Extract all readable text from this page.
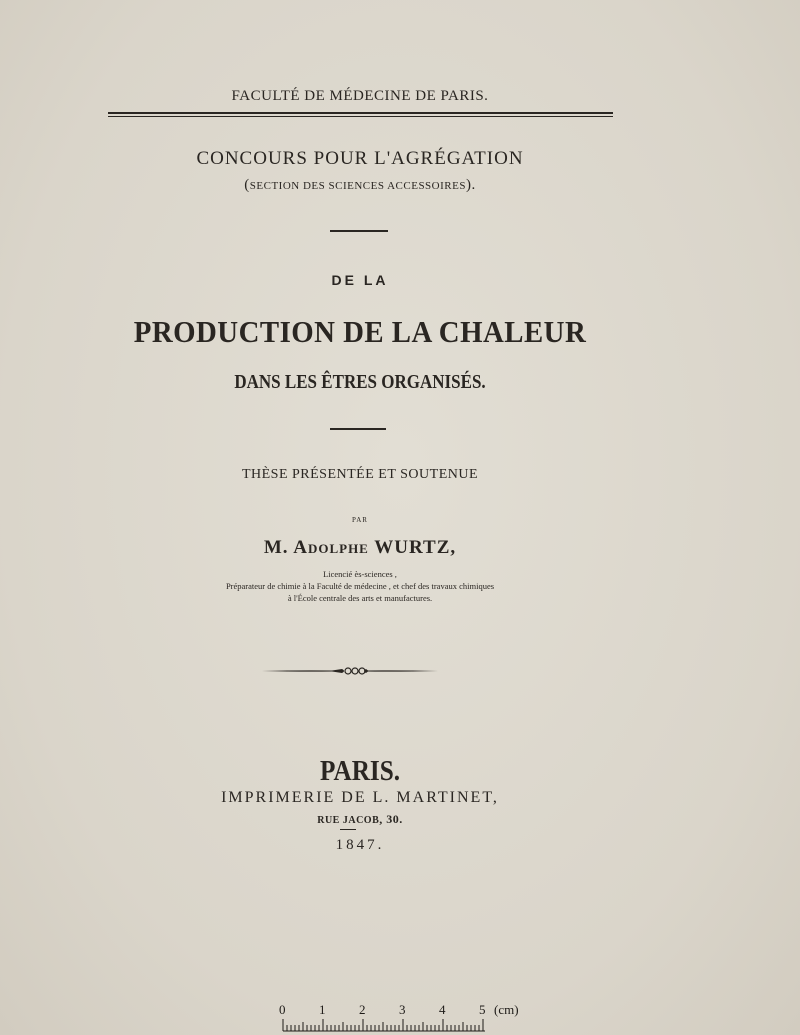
FACULTÉ DE MÉDECINE DE PARIS.
CONCOURS POUR L'AGRÉGATION
(SECTION DES SCIENCES ACCESSOIRES).
DE LA
PRODUCTION DE LA CHALEUR
DANS LES ÊTRES ORGANISÉS.
THÈSE PRÉSENTÉE ET SOUTENUE
PAR
M. ADOLPHE WURTZ,
Licencié ès-sciences ,
Préparateur de chimie à la Faculté de médecine , et chef des travaux chimiques
à l'École centrale des arts et manufactures.
PARIS.
IMPRIMERIE DE L. MARTINET,
RUE JACOB, 30.
1847.
0	1	2	3	4	5 (cm)
